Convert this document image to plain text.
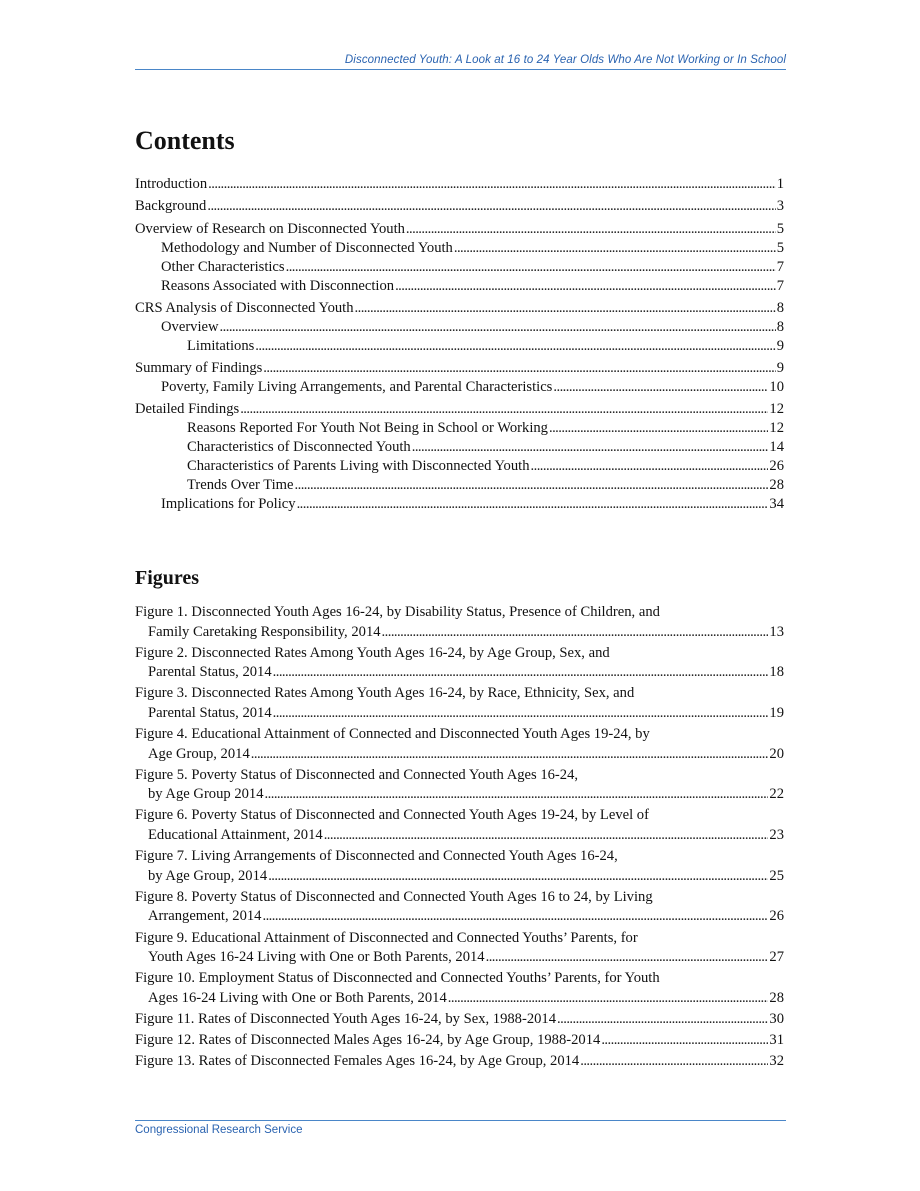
Disconnected Youth: A Look at 16 to 24 Year Olds Who Are Not Working or In School
Contents
Introduction . . .	1
Background . . .	3
Overview of Research on Disconnected Youth . . .	5
Methodology and Number of Disconnected Youth . . .	5
Other Characteristics . . .	7
Reasons Associated with Disconnection . . .	7
CRS Analysis of Disconnected Youth . . .	8
Overview . . .	8
Limitations . . .	9
Summary of Findings . . .	9
Poverty, Family Living Arrangements, and Parental Characteristics . . .	10
Detailed Findings . . .	12
Reasons Reported For Youth Not Being in School or Working . . .	12
Characteristics of Disconnected Youth . . .	14
Characteristics of Parents Living with Disconnected Youth . . .	26
Trends Over Time . . .	28
Implications for Policy . . .	34
Figures
Figure 1. Disconnected Youth Ages 16-24, by Disability Status, Presence of Children, and
Family Caretaking Responsibility, 2014 . . .	13
Figure 2. Disconnected Rates Among Youth Ages 16-24, by Age Group, Sex, and
Parental Status, 2014 . . .	18
Figure 3. Disconnected Rates Among Youth Ages 16-24, by Race, Ethnicity, Sex, and
Parental Status, 2014 . . .	19
Figure 4. Educational Attainment of Connected and Disconnected Youth Ages 19-24, by
Age Group, 2014 . . .	20
Figure 5. Poverty Status of Disconnected and Connected Youth Ages 16-24,
by Age Group 2014 . . .	22
Figure 6. Poverty Status of Disconnected and Connected Youth Ages 19-24, by Level of
Educational Attainment, 2014 . . .	23
Figure 7. Living Arrangements of Disconnected and Connected Youth Ages 16-24,
by Age Group, 2014 . . .	25
Figure 8. Poverty Status of Disconnected and Connected Youth Ages 16 to 24, by Living
Arrangement, 2014 . . .	26
Figure 9. Educational Attainment of Disconnected and Connected Youths’ Parents, for
Youth Ages 16-24 Living with One or Both Parents, 2014 . . .	27
Figure 10. Employment Status of Disconnected and Connected Youths’ Parents, for Youth
Ages 16-24 Living with One or Both Parents, 2014 . . .	28
Figure 11. Rates of Disconnected Youth Ages 16-24, by Sex, 1988-2014 . . .	30
Figure 12. Rates of Disconnected Males Ages 16-24, by Age Group, 1988-2014 . . .	31
Figure 13. Rates of Disconnected Females Ages 16-24, by Age Group, 2014 . . .	32
Congressional Research Service
